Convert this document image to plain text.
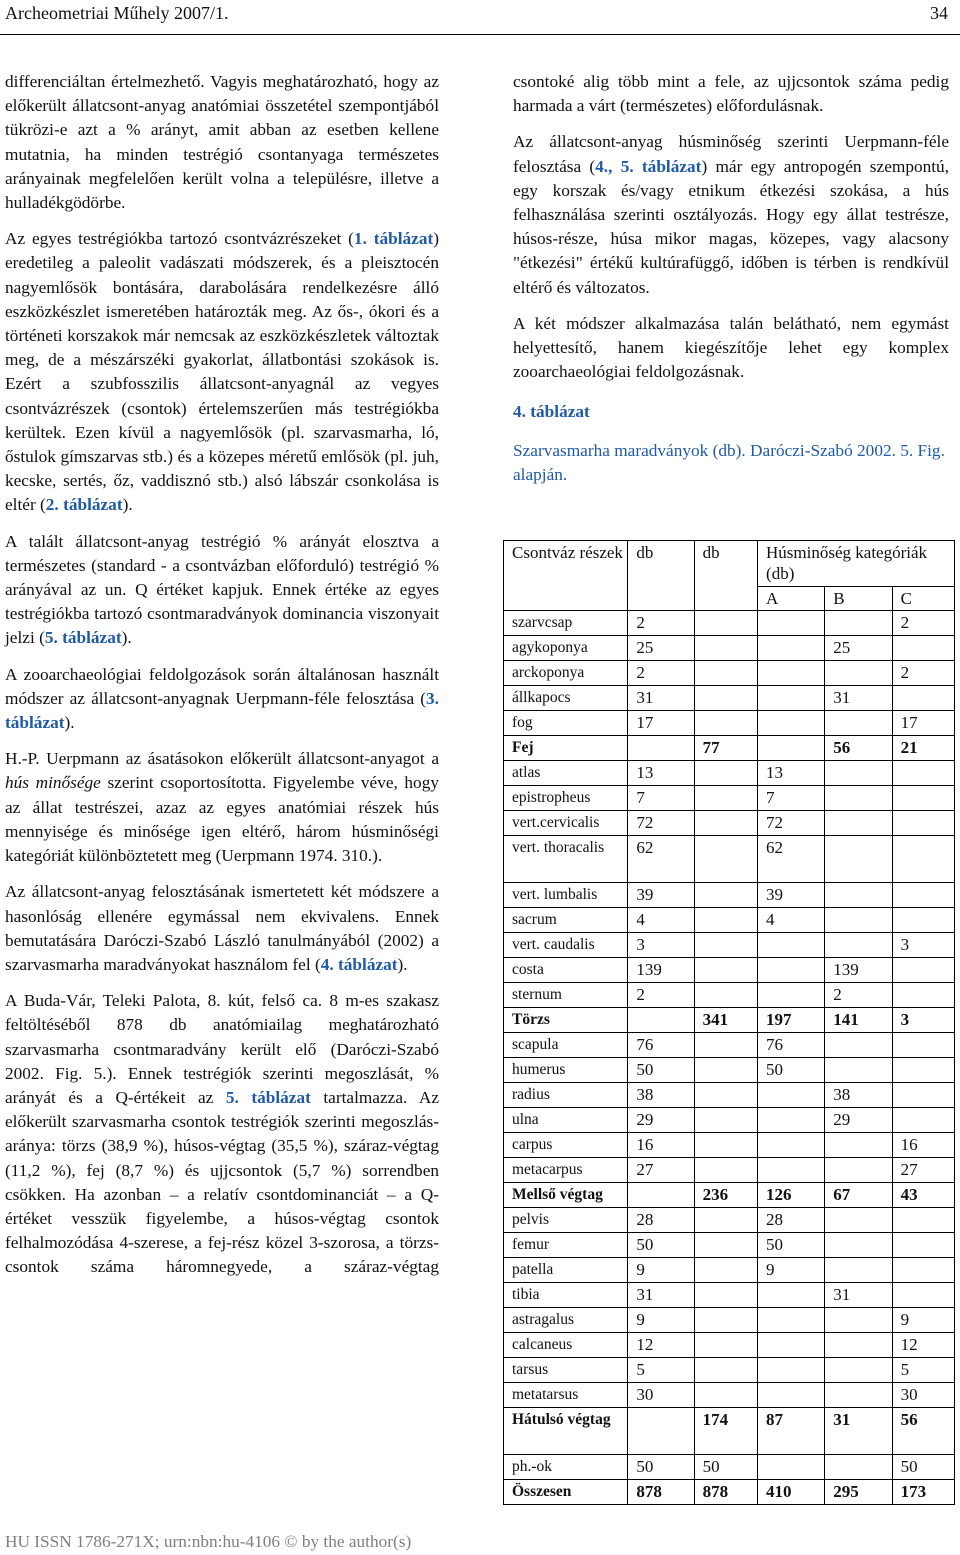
Archeometriai Műhely 2007/1.	34

differenciáltan értelmezhető. Vagyis meghatározható, hogy az előkerült állatcsont-anyag anatómiai összetétel szempontjából tükrözi-e azt a % arányt, amit abban az esetben kellene mutatnia, ha minden testrégió csontanyaga természetes arányainak megfelelően került volna a településre, illetve a hulladékgödörbe.

Az egyes testrégiókba tartozó csontvázrészeket (1. táblázat) eredetileg a paleolit vadászati módszerek, és a pleisztocén nagyemlősök bontására, darabolására rendelkezésre álló eszközkészlet ismeretében határozták meg. Az ős-, ókori és a történeti korszakok már nemcsak az eszközkészletek változtak meg, de a mészárszéki gyakorlat, állatbontási szokások is. Ezért a szubfosszilis állatcsont-anyagnál az vegyes csontvázrészek (csontok) értelemszerűen más testrégiókba kerültek. Ezen kívül a nagyemlősök (pl. szarvasmarha, ló, őstulok gímszarvas stb.) és a közepes méretű emlősök (pl. juh, kecske, sertés, őz, vaddisznó stb.) alsó lábszár csonkolása is eltér (2. táblázat).

A talált állatcsont-anyag testrégió % arányát elosztva a természetes (standard - a csontvázban előforduló) testrégió % arányával az un. Q értéket kapjuk. Ennek értéke az egyes testrégiókba tartozó csontmaradványok dominancia viszonyait jelzi (5. táblázat).

A zooarchaeológiai feldolgozások során általánosan használt módszer az állatcsont-anyagnak Uerpmann-féle felosztása (3. táblázat).

H.-P. Uerpmann az ásatásokon előkerült állatcsont-anyagot a hús minősége szerint csoportosította. Figyelembe véve, hogy az állat testrészei, azaz az egyes anatómiai részek hús mennyisége és minősége igen eltérő, három húsminőségi kategóriát különböztetett meg (Uerpmann 1974. 310.).

Az állatcsont-anyag felosztásának ismertetett két módszere a hasonlóság ellenére egymással nem ekvivalens. Ennek bemutatására Daróczi-Szabó László tanulmányából (2002) a szarvasmarha maradványokat használom fel (4. táblázat).

A Buda-Vár, Teleki Palota, 8. kút, felső ca. 8 m-es szakasz feltöltéséből 878 db anatómiailag meghatározható szarvasmarha csontmaradvány került elő (Daróczi-Szabó 2002. Fig. 5.). Ennek testrégiók szerinti megoszlását, % arányát és a Q-értékeit az 5. táblázat tartalmazza. Az előkerült szarvasmarha csontok testrégiók szerinti megoszlás-aránya: törzs (38,9 %), húsos-végtag (35,5 %), száraz-végtag (11,2 %), fej (8,7 %) és ujjcsontok (5,7 %) sorrendben csökken. Ha azonban – a relatív csontdominanciát – a Q-értéket vesszük figyelembe, a húsos-végtag csontok felhalmozódása 4-szerese, a fej-rész közel 3-szorosa, a törzs-csontok száma háromnegyede, a száraz-végtag

csontoké alig több mint a fele, az ujjcsontok száma pedig harmada a várt (természetes) előfordulásnak.

Az állatcsont-anyag húsminőség szerinti Uerpmann-féle felosztása (4., 5. táblázat) már egy antropogén szempontú, egy korszak és/vagy etnikum étkezési szokása, a hús felhasználása szerinti osztályozás. Hogy egy állat testrésze, húsos-része, húsa mikor magas, közepes, vagy alacsony "étkezési" értékű kultúrafüggő, időben is térben is rendkívül eltérő és változatos.

A két módszer alkalmazása talán belátható, nem egymást helyettesítő, hanem kiegészítője lehet egy komplex zooarchaeológiai feldolgozásnak.

4. táblázat

Szarvasmarha maradványok (db). Daróczi-Szabó 2002. 5. Fig. alapján.

Csontváz részek	db	db	Húsminőség kategóriák (db)		
			A	B	C
szarvcsap	2				2
agykoponya	25			25	
arckoponya	2				2
állkapocs	31			31	
fog	17				17
Fej		77		56	21
atlas	13		13		
epistropheus	7		7		
vert.cervicalis	72		72		
vert. thoracalis	62		62		
vert. lumbalis	39		39		
sacrum	4		4		
vert. caudalis	3				3
costa	139			139	
sternum	2			2	
Törzs		341	197	141	3
scapula	76		76		
humerus	50		50		
radius	38			38	
ulna	29			29	
carpus	16				16
metacarpus	27				27
Mellső végtag		236	126	67	43
pelvis	28		28		
femur	50		50		
patella	9		9		
tibia	31			31	
astragalus	9				9
calcaneus	12				12
tarsus	5				5
metatarsus	30				30
Hátulsó végtag		174	87	31	56
ph.-ok	50	50			50
Összesen	878	878	410	295	173
HU ISSN 1786-271X; urn:nbn:hu-4106 © by the author(s)
